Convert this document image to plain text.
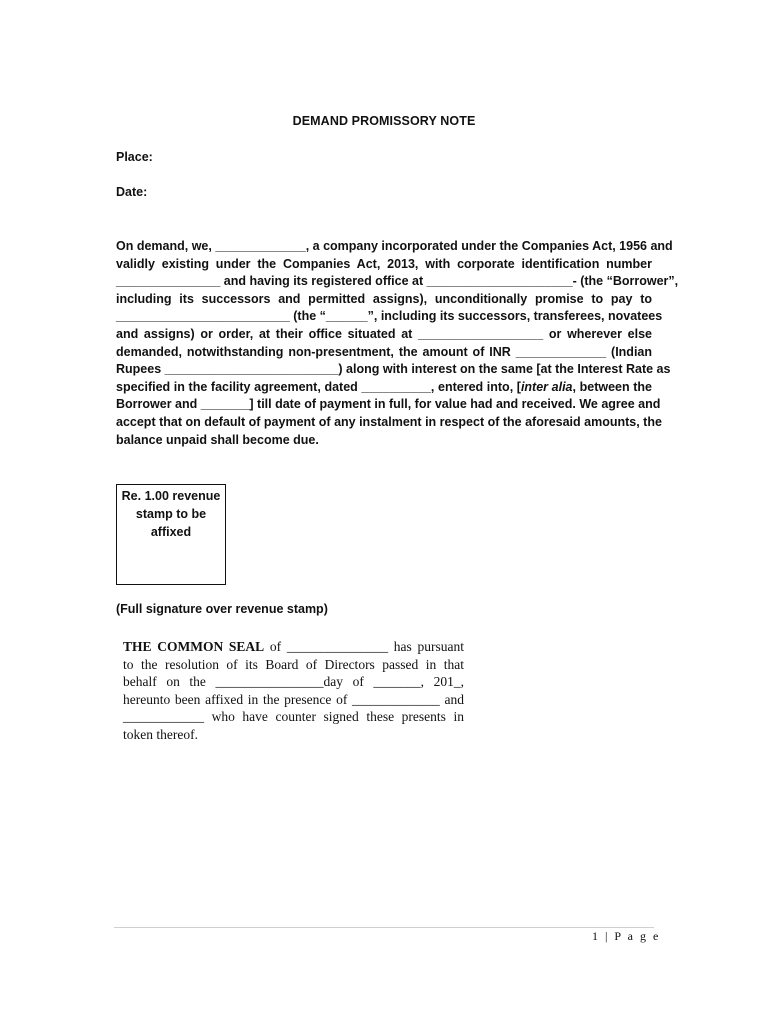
DEMAND PROMISSORY NOTE
Place:
Date:
On demand, we, _____________, a company incorporated under the Companies Act, 1956 and
validly existing under the Companies Act, 2013, with corporate identification number
_______________ and having its registered office at _____________________- (the “Borrower”,
including its successors and permitted assigns), unconditionally promise to pay to
_________________________ (the “______”, including its successors, transferees, novatees
and assigns) or order, at their office situated at __________________ or wherever else
demanded, notwithstanding non-presentment, the amount of INR _____________ (Indian
Rupees _________________________) along with interest on the same [at the Interest Rate as
specified in the facility agreement, dated __________, entered into, [inter alia, between the
Borrower and _______] till date of payment in full, for value had and received. We agree and
accept that on default of payment of any instalment in respect of the aforesaid amounts, the
balance unpaid shall become due.
Re. 1.00 revenue
stamp to be
affixed
(Full signature over revenue stamp)
THE COMMON SEAL of _______________ has pursuant
to the resolution of its Board of Directors passed in that
behalf on the ________________day of _______, 201_,
hereunto been affixed in the presence of _____________ and
____________ who have counter signed these presents in
token thereof.
1 | P a g e
